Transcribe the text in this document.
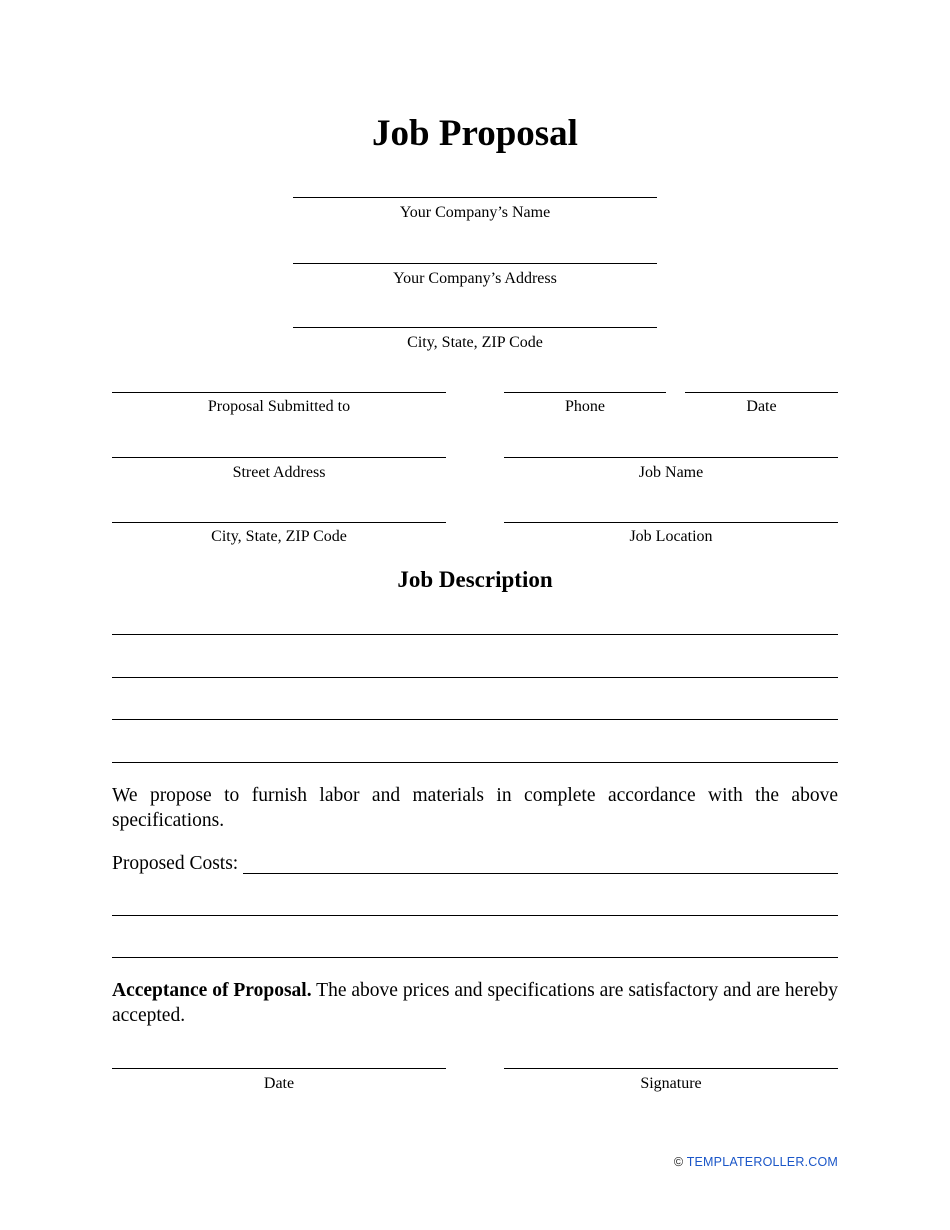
Job Proposal
Your Company’s Name
Your Company’s Address
City, State, ZIP Code
Proposal Submitted to	Phone	Date
Street Address	Job Name
City, State, ZIP Code	Job Location
Job Description
We propose to furnish labor and materials in complete accordance with the above specifications.
Proposed Costs:
Acceptance of Proposal. The above prices and specifications are satisfactory and are hereby accepted.
Date	Signature
© TEMPLATEROLLER.COM
